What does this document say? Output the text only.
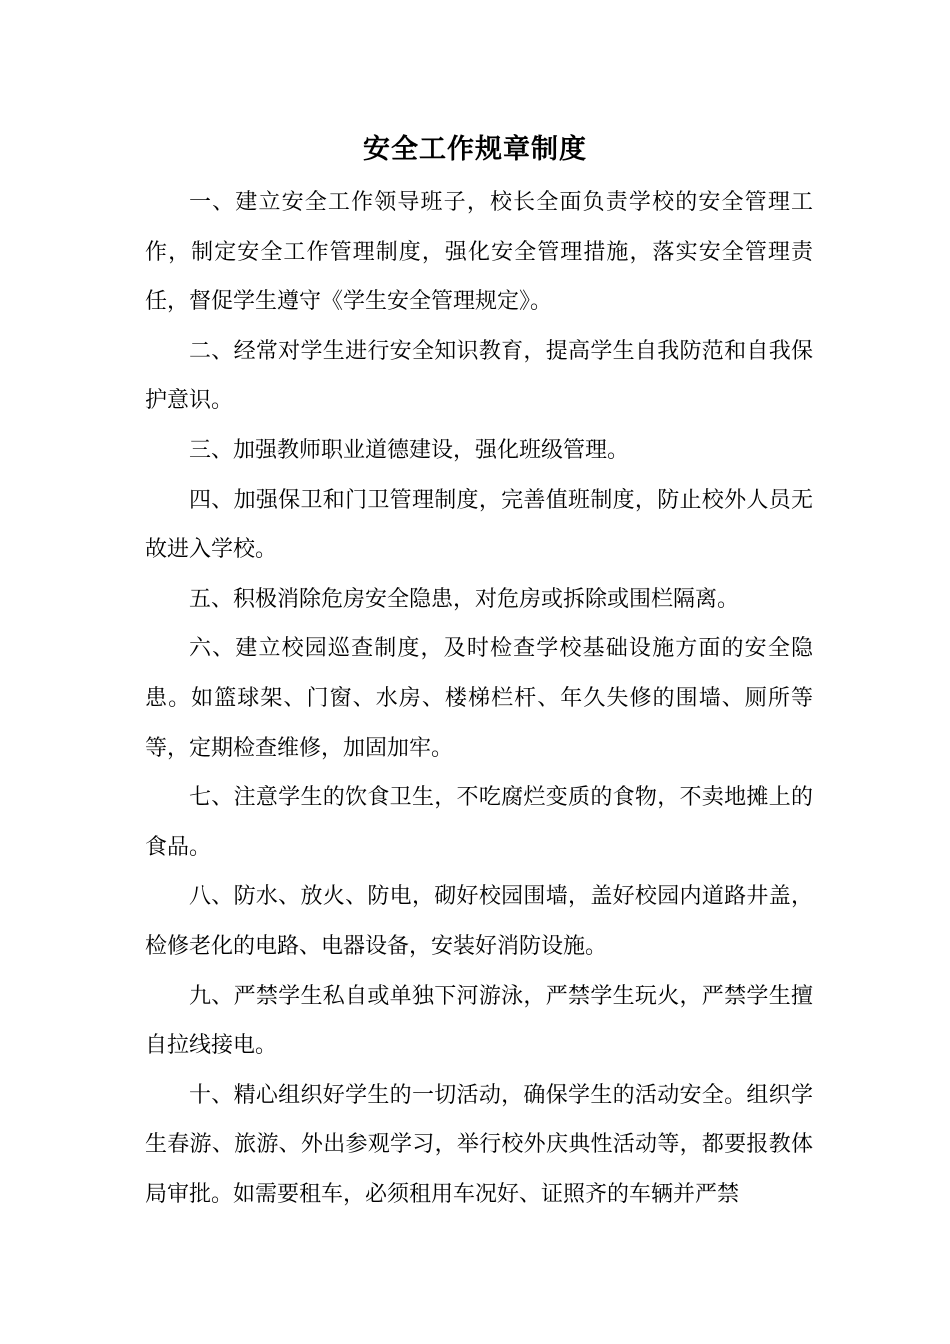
安全工作规章制度

一、建立安全工作领导班子，校长全面负责学校的安全管理工作，制定安全工作管理制度，强化安全管理措施，落实安全管理责任，督促学生遵守《学生安全管理规定》。

二、经常对学生进行安全知识教育，提高学生自我防范和自我保护意识。

三、加强教师职业道德建设，强化班级管理。

四、加强保卫和门卫管理制度，完善值班制度，防止校外人员无故进入学校。

五、积极消除危房安全隐患，对危房或拆除或围栏隔离。

六、建立校园巡查制度，及时检查学校基础设施方面的安全隐患。如篮球架、门窗、水房、楼梯栏杆、年久失修的围墙、厕所等等，定期检查维修，加固加牢。

七、注意学生的饮食卫生，不吃腐烂变质的食物，不卖地摊上的食品。

八、防水、放火、防电，砌好校园围墙，盖好校园内道路井盖，检修老化的电路、电器设备，安装好消防设施。

九、严禁学生私自或单独下河游泳，严禁学生玩火，严禁学生擅自拉线接电。

十、精心组织好学生的一切活动，确保学生的活动安全。组织学生春游、旅游、外出参观学习，举行校外庆典性活动等，都要报教体局审批。如需要租车，必须租用车况好、证照齐的车辆并严禁
